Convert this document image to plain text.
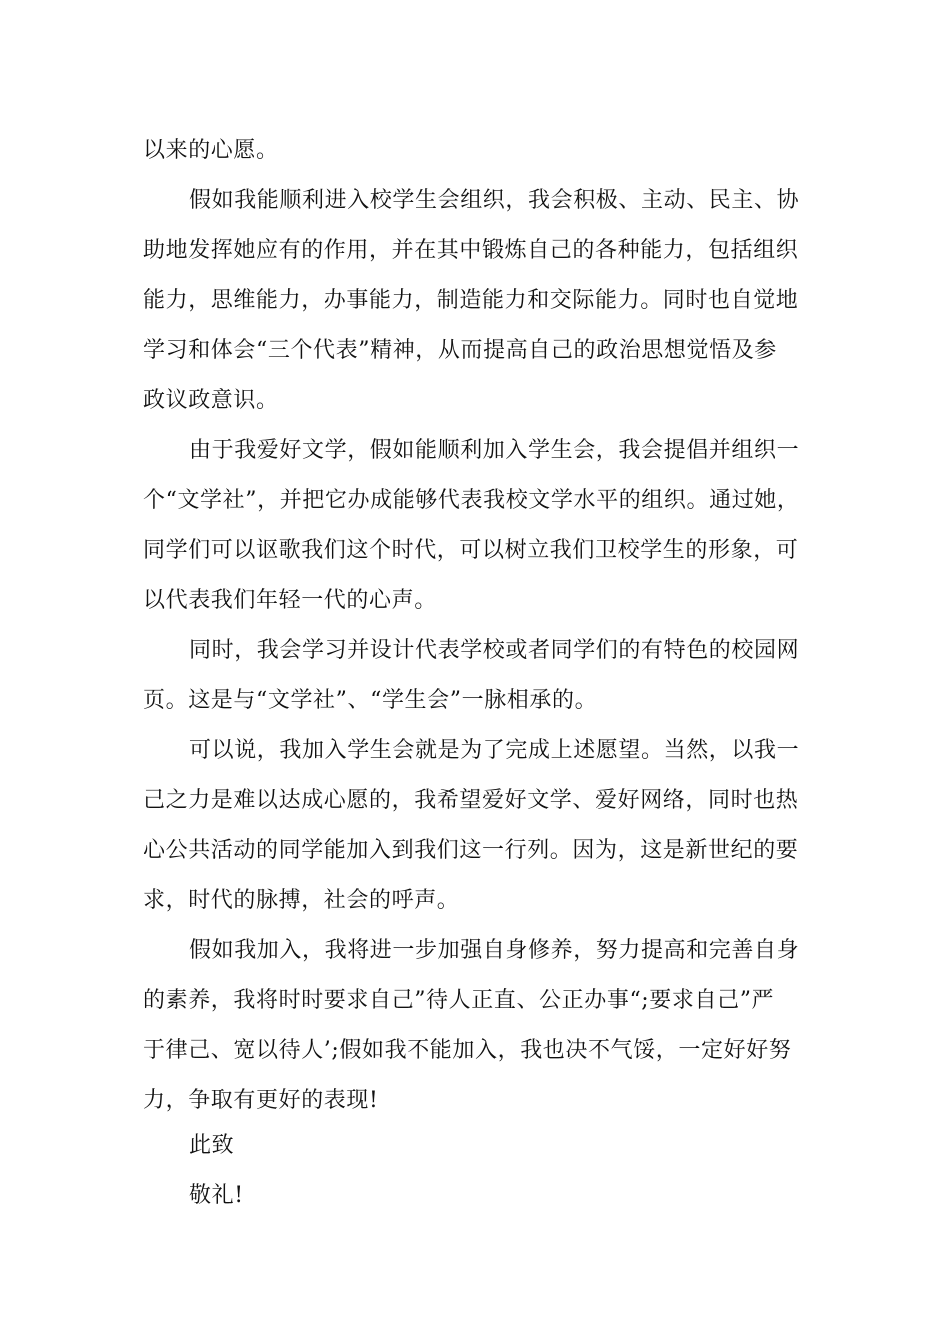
以来的心愿。
假如我能顺利进入校学生会组织，我会积极、主动、民主、协
助地发挥她应有的作用，并在其中锻炼自己的各种能力，包括组织
能力，思维能力，办事能力，制造能力和交际能力。同时也自觉地
学习和体会“三个代表”精神，从而提高自己的政治思想觉悟及参
政议政意识。
由于我爱好文学，假如能顺利加入学生会，我会提倡并组织一
个“文学社”，并把它办成能够代表我校文学水平的组织。通过她，
同学们可以讴歌我们这个时代，可以树立我们卫校学生的形象，可
以代表我们年轻一代的心声。
同时，我会学习并设计代表学校或者同学们的有特色的校园网
页。这是与“文学社”、“学生会”一脉相承的。
可以说，我加入学生会就是为了完成上述愿望。当然，以我一
己之力是难以达成心愿的，我希望爱好文学、爱好网络，同时也热
心公共活动的同学能加入到我们这一行列。因为，这是新世纪的要
求，时代的脉搏，社会的呼声。
假如我加入，我将进一步加强自身修养，努力提高和完善自身
的素养，我将时时要求自己”待人正直、公正办事“;要求自己”严
于律己、宽以待人’;假如我不能加入，我也决不气馁，一定好好努
力，争取有更好的表现!
此致
敬礼!
